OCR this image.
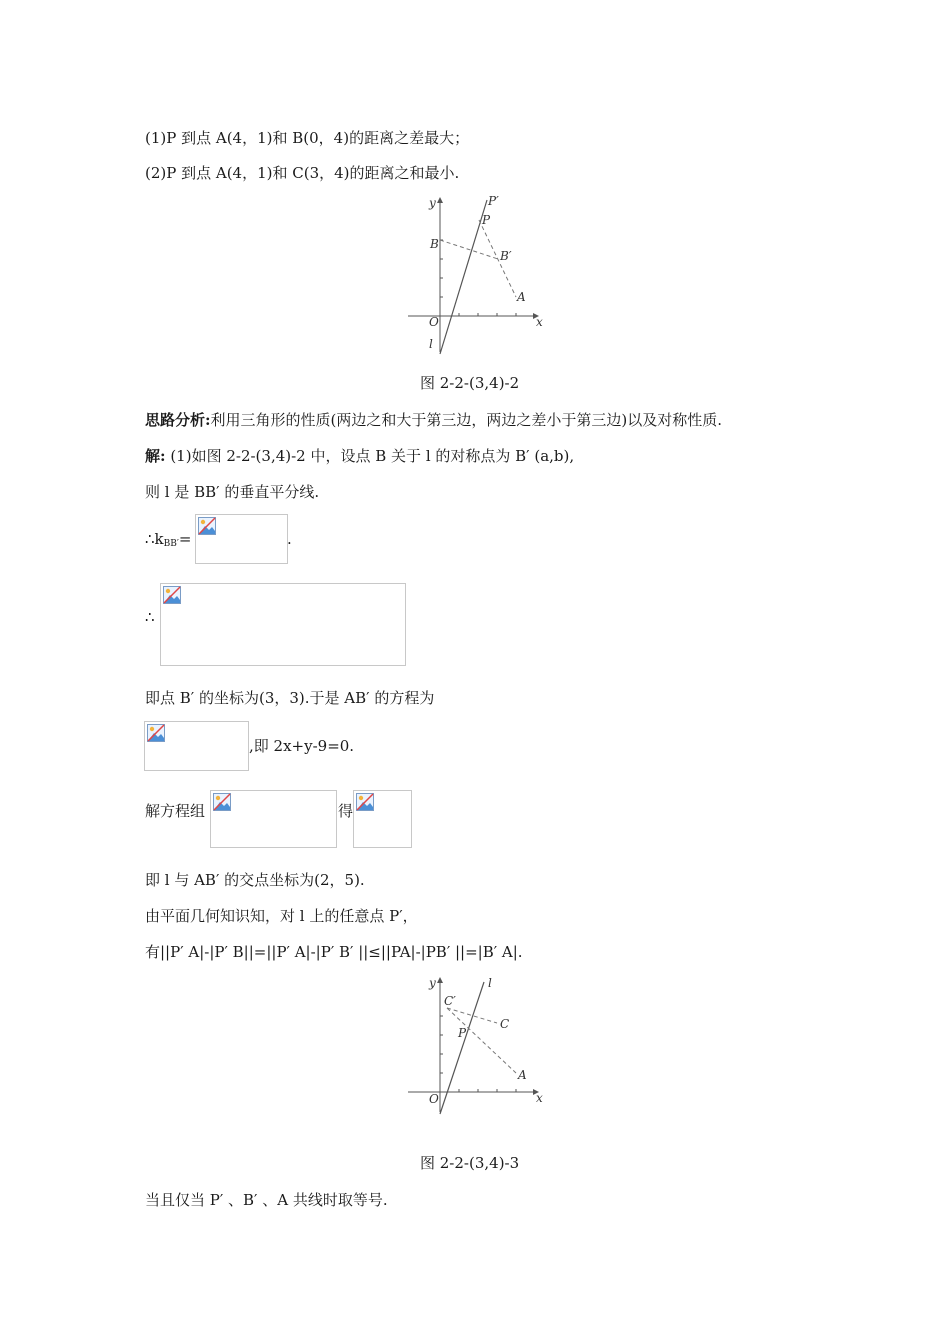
(1)P 到点 A(4，1)和 B(0，4)的距离之差最大；
(2)P 到点 A(4，1)和 C(3，4)的距离之和最小.
y
x
O
l
B
B′
A
P
P′
图 2-2-(3,4)-2
思路分析:利用三角形的性质(两边之和大于第三边，两边之差小于第三边)以及对称性质.
解: (1)如图 2-2-(3,4)-2 中，设点 B 关于 l 的对称点为 B′ (a,b),
则 l 是 BB′ 的垂直平分线.
$\therefore k_{BB'}=$	.
∴
即点 B′ 的坐标为(3，3).于是 AB′ 的方程为
,即 2x+y-9=0.
解方程组	得
即 l 与 AB′ 的交点坐标为(2，5).
由平面几何知识知，对 l 上的任意点 P′，
有||P′ A|-|P′ B||=||P′ A|-|P′ B′ ||≤||PA|-|PB′ ||=|B′ A|.
y
x
O
l
C
C′
A
P
图 2-2-(3,4)-3
当且仅当 P′ 、B′ 、A 共线时取等号.
